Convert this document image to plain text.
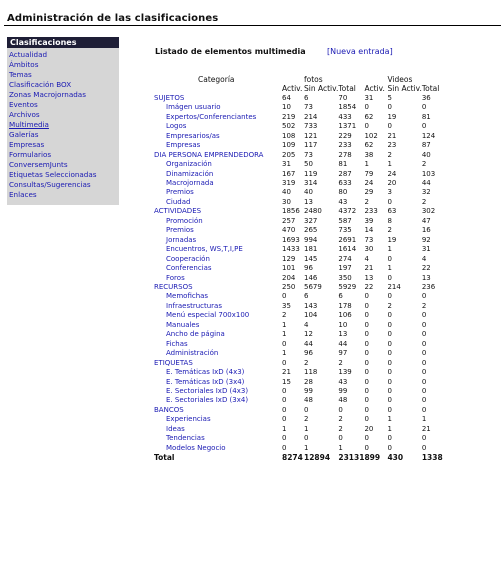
Administración de las clasificaciones
Clasificaciones
Actualidad
Ámbitos
Temas
Clasificación BOX
Zonas Macrojornadas
Eventos
Archivos
Multimedia
Galerías
Empresas
Formularios
ConversemJunts
Etiquetas Seleccionadas
Consultas/Sugerencias
Enlaces
Listado de elementos multimedia	[Nueva entrada]
Categoría		fotos			Videos	
	Activ.	Sin Activ.	Total	Activ.	Sin Activ.	Total
SUJETOS	64	6	70	31	5	36
Imágen usuario	10	73	1854	0	0	0
Expertos/Conferenciantes	219	214	433	62	19	81
Logos	502	733	1371	0	0	0
Empresarios/as	108	121	229	102	21	124
Empresas	109	117	233	62	23	87
DIA PERSONA EMPRENDEDORA	205	73	278	38	2	40
Organización	31	50	81	1	1	2
Dinamización	167	119	287	79	24	103
Macrojornada	319	314	633	24	20	44
Premios	40	40	80	29	3	32
Ciudad	30	13	43	2	0	2
ACTIVIDADES	1856	2480	4372	233	63	302
Promoción	257	327	587	39	8	47
Premios	470	265	735	14	2	16
Jornadas	1693	994	2691	73	19	92
Encuentros, WS,T,I,PE	1433	181	1614	30	1	31
Cooperación	129	145	274	4	0	4
Conferencias	101	96	197	21	1	22
Foros	204	146	350	13	0	13
RECURSOS	250	5679	5929	22	214	236
Memofichas	0	6	6	0	0	0
Infraestructuras	35	143	178	0	2	2
Menú especial 700x100	2	104	106	0	0	0
Manuales	1	4	10	0	0	0
Ancho de página	1	12	13	0	0	0
Fichas	0	44	44	0	0	0
Administración	1	96	97	0	0	0
ETIQUETAS	0	2	2	0	0	0
E. Temáticas IxD (4x3)	21	118	139	0	0	0
E. Temáticas IxD (3x4)	15	28	43	0	0	0
E. Sectoriales IxD (4x3)	0	99	99	0	0	0
E. Sectoriales IxD (3x4)	0	48	48	0	0	0
BANCOS	0	0	0	0	0	0
Experiencias	0	2	2	0	1	1
Ideas	1	1	2	20	1	21
Tendencias	0	0	0	0	0	0
Modelos Negocio	0	1	1	0	0	0
Total	8274	12894	23131	899	430	1338
